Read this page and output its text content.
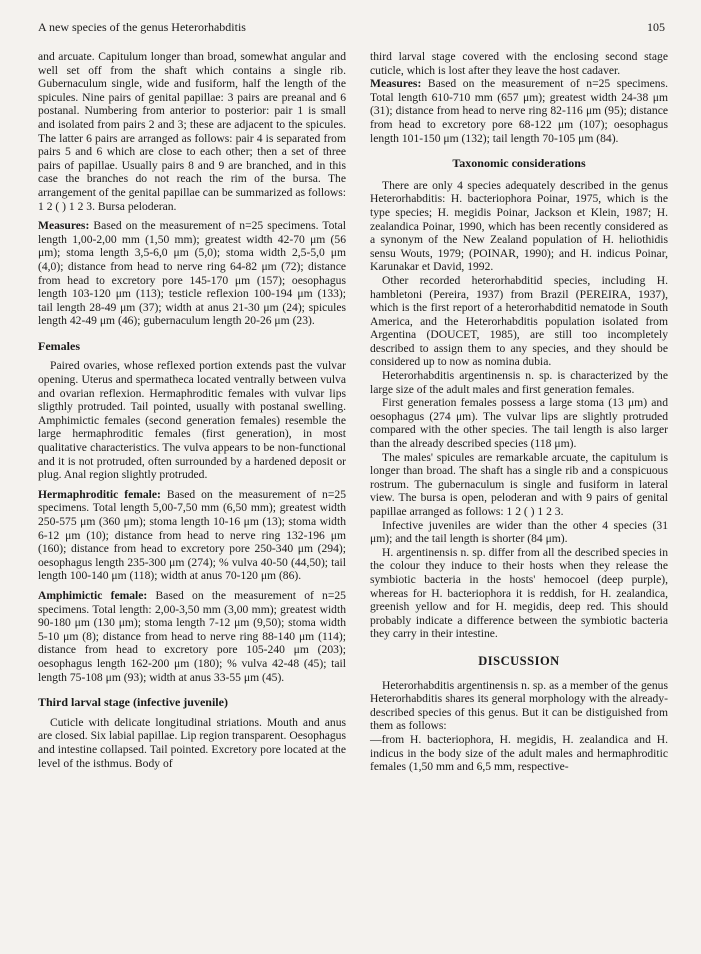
A new species of the genus Heterorhabditis	105

and arcuate. Capitulum longer than broad, somewhat angular and well set off from the shaft which contains a single rib. Gubernaculum single, wide and fusiform, half the length of the spicules. Nine pairs of genital papillae: 3 pairs are preanal and 6 postanal. Numbering from anterior to posterior: pair 1 is small and isolated from pairs 2 and 3; these are adjacent to the spicules. The latter 6 pairs are arranged as follows: pair 4 is separated from pairs 5 and 6 which are close to each other; then a set of three pairs of papillae. Usually pairs 8 and 9 are branched, and in this case the branches do not reach the rim of the bursa. The arrangement of the genital papillae can be summarized as follows: 1 2 ( ) 1 2 3. Bursa peloderan.

Measures: Based on the measurement of n=25 specimens. Total length 1,00-2,00 mm (1,50 mm); greatest width 42-70 μm (56 μm); stoma length 3,5-6,0 μm (5,0); stoma width 2,5-5,0 μm (4,0); distance from head to nerve ring 64-82 μm (72); distance from head to excretory pore 145-170 μm (157); oesophagus length 103-120 μm (113); testicle reflexion 100-194 μm (133); tail length 28-49 μm (37); width at anus 21-30 μm (24); spicules length 42-49 μm (46); gubernaculum length 20-26 μm (23).

Females

Paired ovaries, whose reflexed portion extends past the vulvar opening. Uterus and spermatheca located ventrally between vulva and ovarian reflexion. Hermaphroditic females with vulvar lips sligthly protruded. Tail pointed, usually with postanal swelling. Amphimictic females (second generation females) resemble the large hermaphroditic females (first generation), in most qualitative characteristics. The vulva appears to be non-functional and it is not protruded, often surrounded by a hardened deposit or plug. Anal region slightly protruded.

Hermaphroditic female: Based on the measurement of n=25 specimens. Total length 5,00-7,50 mm (6,50 mm); greatest width 250-575 μm (360 μm); stoma length 10-16 μm (13); stoma width 6-12 μm (10); distance from head to nerve ring 132-196 μm (160); distance from head to excretory pore 250-340 μm (294); oesophagus length 235-300 μm (274); % vulva 40-50 (44,50); tail length 100-140 μm (118); width at anus 70-120 μm (86).

Amphimictic female: Based on the measurement of n=25 specimens. Total length: 2,00-3,50 mm (3,00 mm); greatest width 90-180 μm (130 μm); stoma length 7-12 μm (9,50); stoma width 5-10 μm (8); distance from head to nerve ring 88-140 μm (114); distance from head to excretory pore 105-240 μm (203); oesophagus length 162-200 μm (180); % vulva 42-48 (45); tail length 75-108 μm (93); width at anus 33-55 μm (45).

Third larval stage (infective juvenile)

Cuticle with delicate longitudinal striations. Mouth and anus are closed. Six labial papillae. Lip region transparent. Oesophagus and intestine collapsed. Tail pointed. Excretory pore located at the level of the isthmus. Body of

third larval stage covered with the enclosing second stage cuticle, which is lost after they leave the host cadaver.

Measures: Based on the measurement of n=25 specimens. Total length 610-710 mm (657 μm); greatest width 24-38 μm (31); distance from head to nerve ring 82-116 μm (95); distance from head to excretory pore 68-122 μm (107); oesophagus length 101-150 μm (132); tail length 70-105 μm (84).

Taxonomic considerations

There are only 4 species adequately described in the genus Heterorhabditis: H. bacteriophora Poinar, 1975, which is the type species; H. megidis Poinar, Jackson et Klein, 1987; H. zealandica Poinar, 1990, which has been recently considered as a synonym of the New Zealand population of H. heliothidis sensu Wouts, 1979; (POINAR, 1990); and H. indicus Poinar, Karunakar et David, 1992.

Other recorded heterorhabditid species, including H. hambletoni (Pereira, 1937) from Brazil (PEREIRA, 1937), which is the first report of a heterorhabditid nematode in South America, and the Heterorhabditis population isolated from Argentina (DOUCET, 1985), are still too incompletely described to assign them to any species, and they should be considered up to now as nomina dubia.

Heterorhabditis argentinensis n. sp. is characterized by the large size of the adult males and first generation females.

First generation females possess a large stoma (13 μm) and oesophagus (274 μm). The vulvar lips are slightly protruded compared with the other species. The tail length is also larger than the already described species (118 μm).

The males' spicules are remarkable arcuate, the capitulum is longer than broad. The shaft has a single rib and a conspicuous rostrum. The gubernaculum is single and fusiform in lateral view. The bursa is open, peloderan and with 9 pairs of genital papillae arranged as follows: 1 2 ( ) 1 2 3.

Infective juveniles are wider than the other 4 species (31 μm); and the tail length is shorter (84 μm).

H. argentinensis n. sp. differ from all the described species in the colour they induce to their hosts when they release the symbiotic bacteria in the hosts' hemocoel (deep purple), whereas for H. bacteriophora it is reddish, for H. zealandica, greenish yellow and for H. megidis, deep red. This should probably indicate a difference between the symbiotic bacteria they carry in their intestine.

DISCUSSION

Heterorhabditis argentinensis n. sp. as a member of the genus Heterorhabditis shares its general morphology with the already-described species of this genus. But it can be distiguished from them as follows:

—from H. bacteriophora, H. megidis, H. zealandica and H. indicus in the body size of the adult males and hermaphroditic females (1,50 mm and 6,5 mm, respective-
